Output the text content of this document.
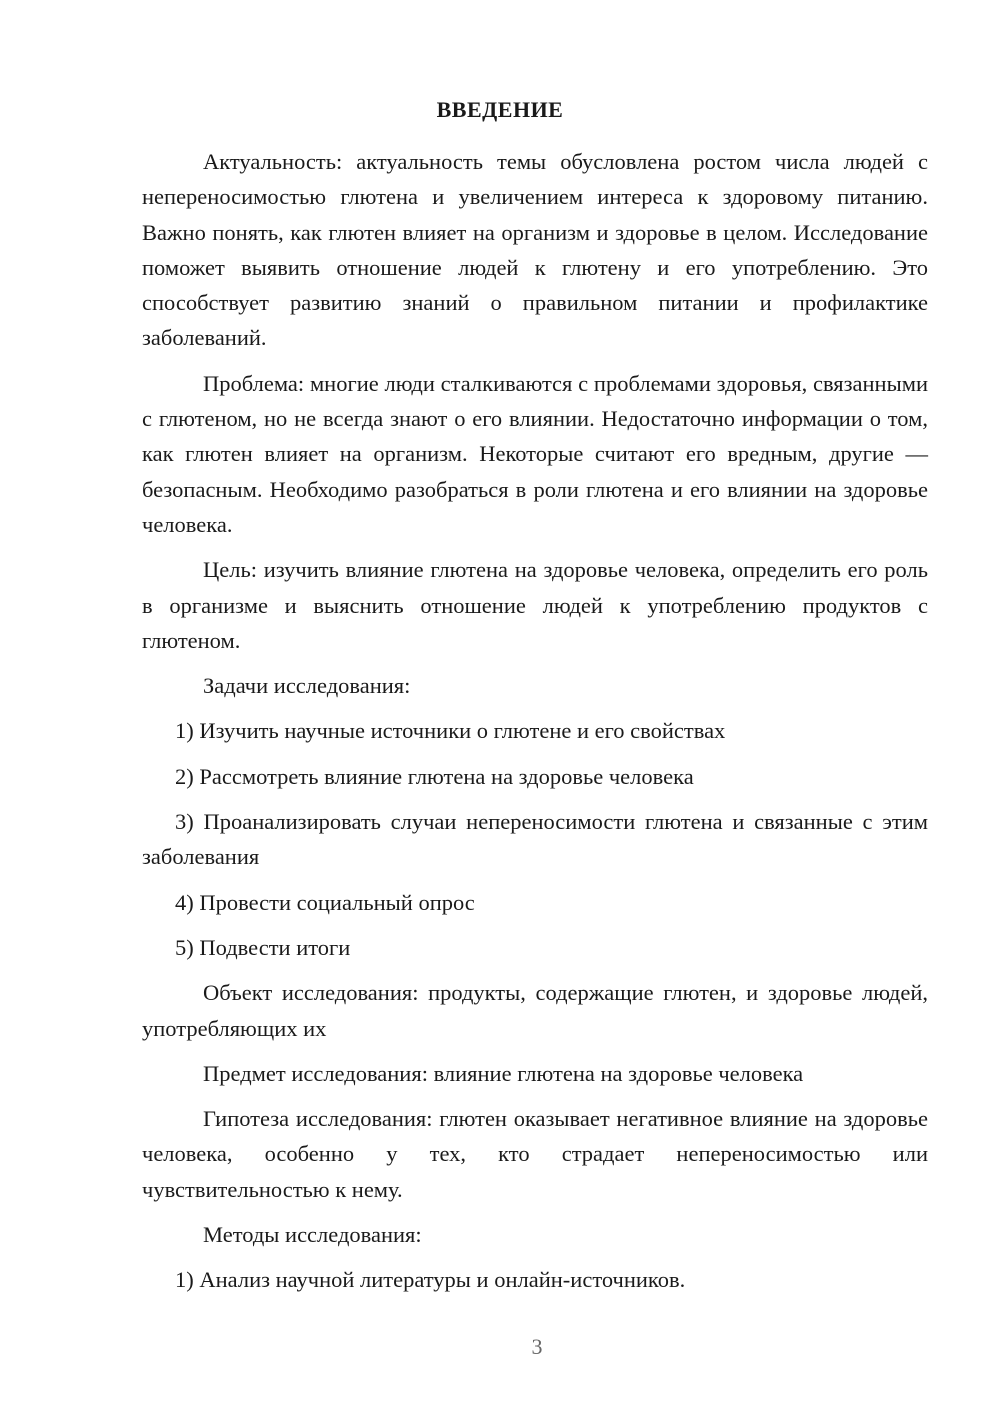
ВВЕДЕНИЕ

Актуальность: актуальность темы обусловлена ростом числа людей с непереносимостью глютена и увеличением интереса к здоровому питанию. Важно понять, как глютен влияет на организм и здоровье в целом. Исследование поможет выявить отношение людей к глютену и его употреблению. Это способствует развитию знаний о правильном питании и профилактике заболеваний.

Проблема: многие люди сталкиваются с проблемами здоровья, связанными с глютеном, но не всегда знают о его влиянии. Недостаточно информации о том, как глютен влияет на организм. Некоторые считают его вредным, другие — безопасным. Необходимо разобраться в роли глютена и его влиянии на здоровье человека.

Цель: изучить влияние глютена на здоровье человека, определить его роль в организме и выяснить отношение людей к употреблению продуктов с глютеном.

Задачи исследования:

1) Изучить научные источники о глютене и его свойствах

2) Рассмотреть влияние глютена на здоровье человека

3) Проанализировать случаи непереносимости глютена и связанные с этим заболевания

4) Провести социальный опрос

5) Подвести итоги

Объект исследования: продукты, содержащие глютен, и здоровье людей, употребляющих их

Предмет исследования: влияние глютена на здоровье человека

Гипотеза исследования: глютен оказывает негативное влияние на здоровье человека, особенно у тех, кто страдает непереносимостью или чувствительностью к нему.

Методы исследования:

1) Анализ научной литературы и онлайн-источников.

3
